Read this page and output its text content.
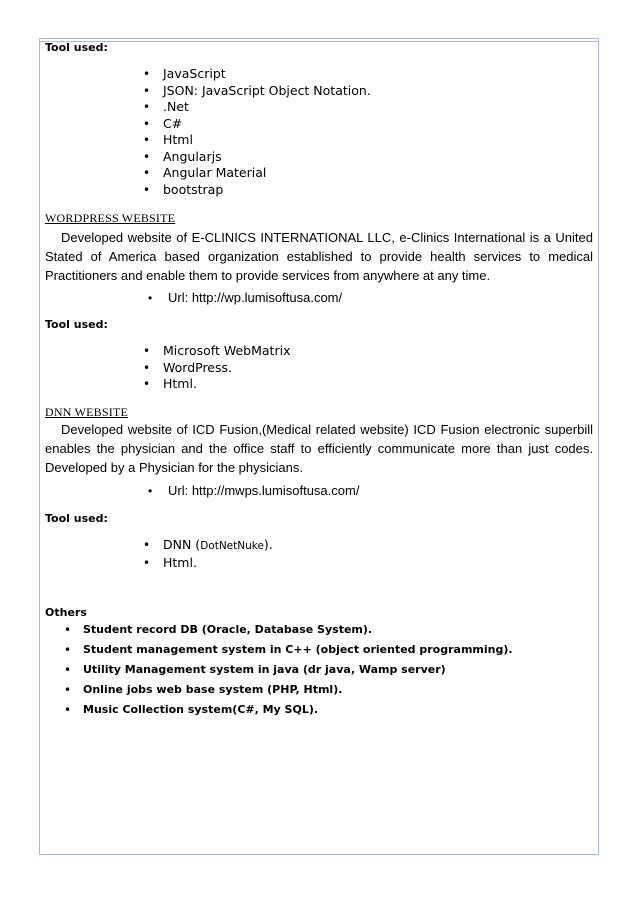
Tool used:
• JavaScript
• JSON: JavaScript Object Notation.
• .Net
• C#
• Html
• Angularjs
• Angular Material
• bootstrap
WORDPRESS WEBSITE

Developed website of E-CLINICS INTERNATIONAL LLC, e-Clinics International is a United Stated of America based organization established to provide health services to medical Practitioners and enable them to provide services from anywhere at any time.

• Url: http://wp.lumisoftusa.com/
Tool used:
• Microsoft WebMatrix
• WordPress.
• Html.
DNN WEBSITE

Developed website of ICD Fusion,(Medical related website) ICD Fusion electronic superbill enables the physician and the office staff to efficiently communicate more than just codes. Developed by a Physician for the physicians.

• Url: http://mwps.lumisoftusa.com/
Tool used:
• DNN (DotNetNuke).
• Html.
Others
• Student record DB (Oracle, Database System).
• Student management system in C++ (object oriented programming).
• Utility Management system in java (dr java, Wamp server)
• Online jobs web base system (PHP, Html).
• Music Collection system(C#, My SQL).
